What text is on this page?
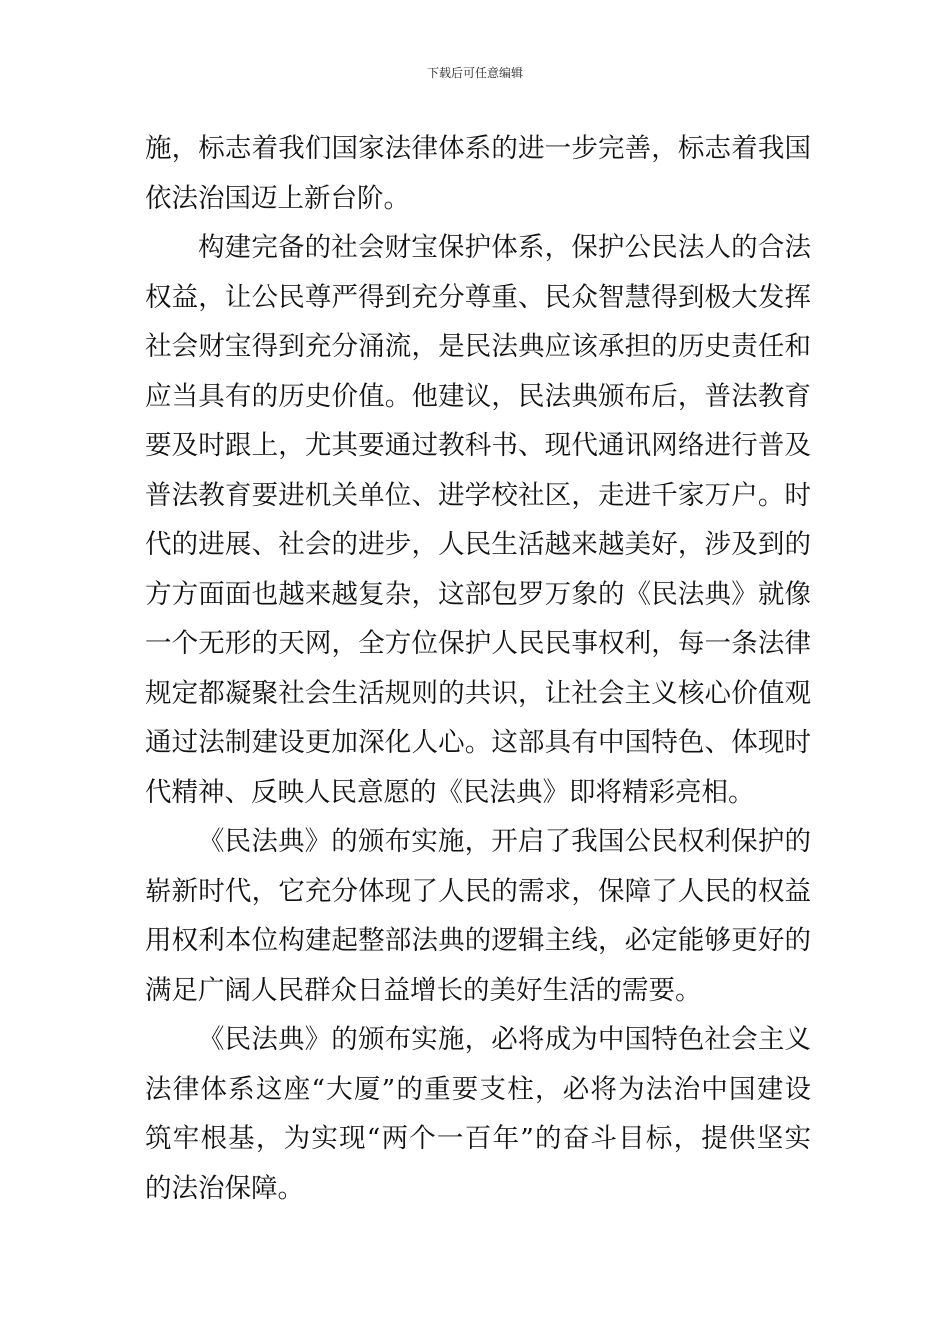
下载后可任意编辑
施，标志着我们国家法律体系的进一步完善，标志着我国
依法治国迈上新台阶。
构建完备的社会财宝保护体系，保护公民法人的合法
权益，让公民尊严得到充分尊重、民众智慧得到极大发挥
社会财宝得到充分涌流，是民法典应该承担的历史责任和
应当具有的历史价值。他建议，民法典颁布后，普法教育
要及时跟上，尤其要通过教科书、现代通讯网络进行普及
普法教育要进机关单位、进学校社区，走进千家万户。时
代的进展、社会的进步，人民生活越来越美好，涉及到的
方方面面也越来越复杂，这部包罗万象的《民法典》就像
一个无形的天网，全方位保护人民民事权利，每一条法律
规定都凝聚社会生活规则的共识，让社会主义核心价值观
通过法制建设更加深化人心。这部具有中国特色、体现时
代精神、反映人民意愿的《民法典》即将精彩亮相。
《民法典》的颁布实施，开启了我国公民权利保护的
崭新时代，它充分体现了人民的需求，保障了人民的权益
用权利本位构建起整部法典的逻辑主线，必定能够更好的
满足广阔人民群众日益增长的美好生活的需要。
《民法典》的颁布实施，必将成为中国特色社会主义
法律体系这座“大厦”的重要支柱，必将为法治中国建设
筑牢根基，为实现“两个一百年”的奋斗目标，提供坚实
的法治保障。
